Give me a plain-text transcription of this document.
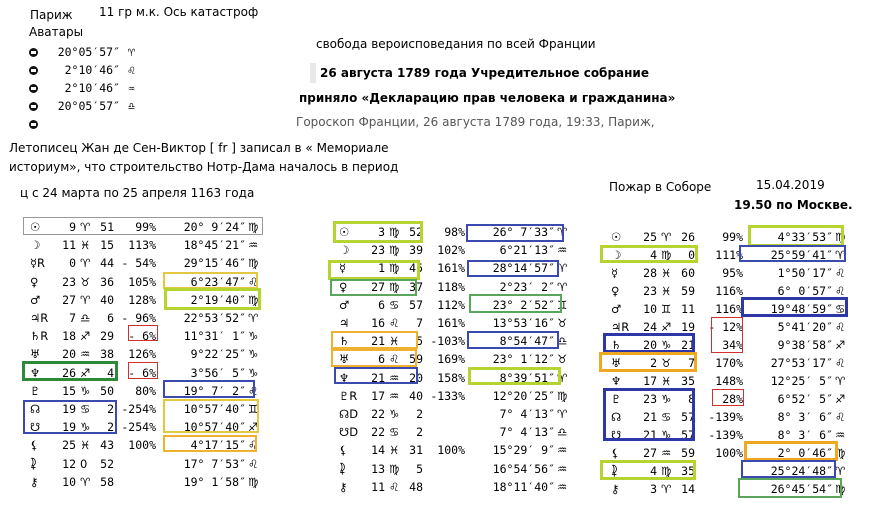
Париж
Аватары
11 гр м.к. Ось катастроф
20°05′57″ ♈
2°10′46″ ♌
2°10′46″ ♒
20°05′57″ ♎
свобода вероисповедания по всей Франции
26 августа 1789 года Учредительное собрание
приняло «Декларацию прав человека и гражданина»
Гороскоп Франции, 26 августа 1789 года, 19:33, Париж,
Летописец Жан де Сен-Виктор [ fr ] записал в « Мемориале
историум», что строительство Нотр-Дама началось в период
ц с 24 марта по 25 апреля 1163 года	Пожар в Соборе	15.04.2019
19.50 по Москве.
☉	9 ♈ 51	99%	20° 9′24″ ♍
☽	11 ♓ 15	113%	18°45′21″ ♒
☿R	0 ♈ 44 - 54%	29°15′46″ ♍
♀	23 ♉ 36	105%	6°23′47″ ♌
♂	27 ♈ 40	128%	2°19′40″ ♍
♃R	7 ♎	6 - 96%	22°53′52″ ♈
♄R	18 ♐ 29	- 6%	11°31′ 1″ ♑
♅	20 ♒ 38	126%	9°22′25″ ♑
♆	26 ♐	4	- 6%	3°56′ 5″ ♑
♇	15 ♑ 50	80%	19° 7′ 2″ ♌
☊	19 ♋	2 -254%	10°57′40″ ♊
☋	19 ♑	2 -254%	10°57′40″ ♐
⚸	25 ♓ 43	100%	4°17′15″ ♌
⯝	12 0	52	17° 7′53″ ♌
⚷	10 ♈ 58	19° 1′58″ ♍
☉	3 ♍ 52	98%	26° 7′33″ ♈
☽	23 ♍ 39	102%	6°21′13″ ♒
☿	1 ♍ 45	161%	28°14′57″ ♈
♀	27 ♍ 37	118%	2°23′ 2″ ♈
♂	6 ♋ 57	112%	23° 2′52″ ♊
♃	16 ♌	7	161%	13°53′16″ ♉
♄	21 ♓	5 -103%	8°54′47″ ♎
♅	6 ♌ 59	169%	23° 1′12″ ♉
♆	21 ♒ 20	158%	8°39′51″ ♈
♇R	17 ♒ 40 -133%	12°20′25″ ♍
☊D	22 ♑	2	7° 4′13″ ♈
☋D	22 ♋	2	7° 4′13″ ♎
⚸	14 ♓ 31	100%	15°29′ 9″ ♒
⯝	13 ♍	5	16°54′56″ ♒
⚷	11 ♌ 48	18°11′40″ ♒
☉	25 ♈ 26	99%	4°33′53″ ♍
☽	4 ♍	0	111%	25°59′41″ ♈
☿	28 ♓ 60	95%	1°50′17″ ♌
♀	23 ♓ 59	116%	6° 0′57″ ♌
♂	10 ♊ 11	116%	19°48′59″ ♋
♃R	24 ♐ 19	- 12%	5°41′20″ ♌
♄	20 ♑ 21	34%	9°38′58″ ♐
♅	2 ♉	7	170%	27°53′17″ ♌
♆	17 ♓ 35	148%	12°25′ 5″ ♈
♇	23 ♑	8	28%	6°52′ 5″ ♐
☊	21 ♋ 57	-139%	8° 3′ 6″ ♌
☋	21 ♑ 57	-139%	8° 3′ 6″ ♒
⚸	27 ♒ 59	100%	2° 0′46″ ♍
⯝	4 ♍ 35	25°24′48″ ♈
⚷	3 ♈ 14	26°45′54″ ♍
